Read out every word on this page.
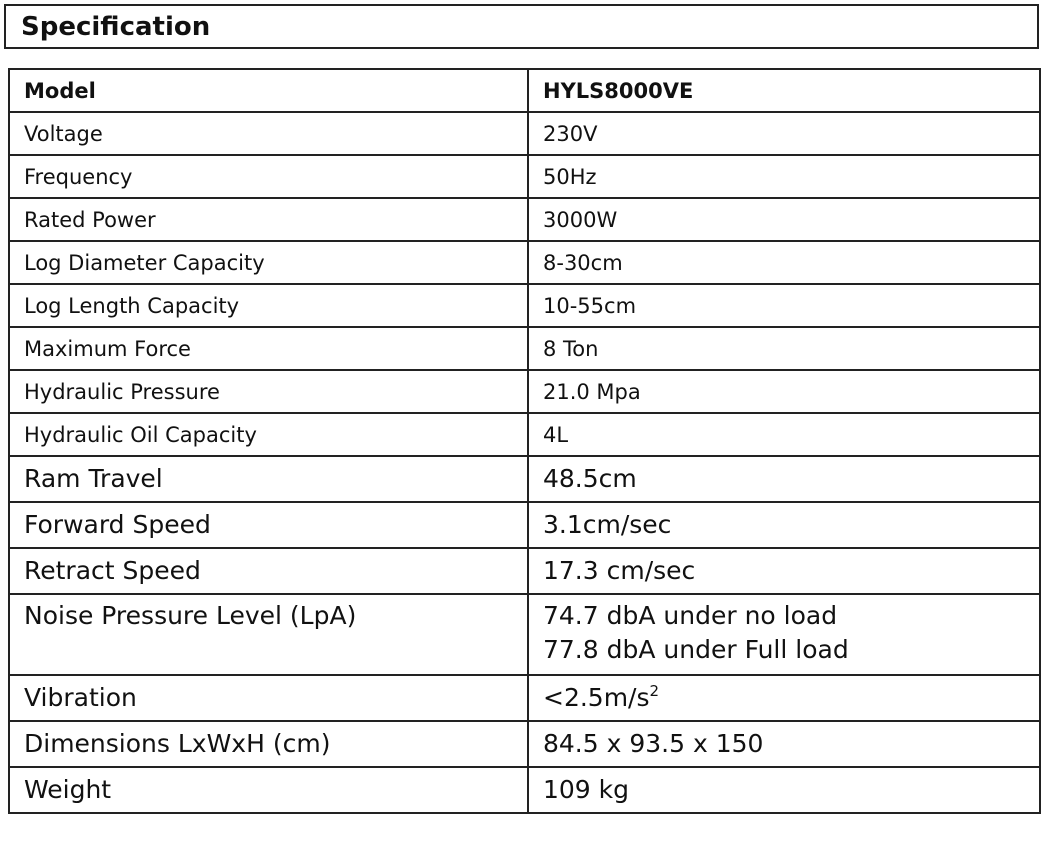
Specification
Model	HYLS8000VE
Voltage	230V
Frequency	50Hz
Rated Power	3000W
Log Diameter Capacity	8-30cm
Log Length Capacity	10-55cm
Maximum Force	8 Ton
Hydraulic Pressure	21.0 Mpa
Hydraulic Oil Capacity	4L
Ram Travel	48.5cm
Forward Speed	3.1cm/sec
Retract Speed	17.3 cm/sec
Noise Pressure Level (LpA)	74.7 dbA under no load
77.8 dbA under Full load

Vibration	$<2.5m/s^2$
Dimensions LxWxH (cm)	84.5 x 93.5 x 150
Weight	109 kg
